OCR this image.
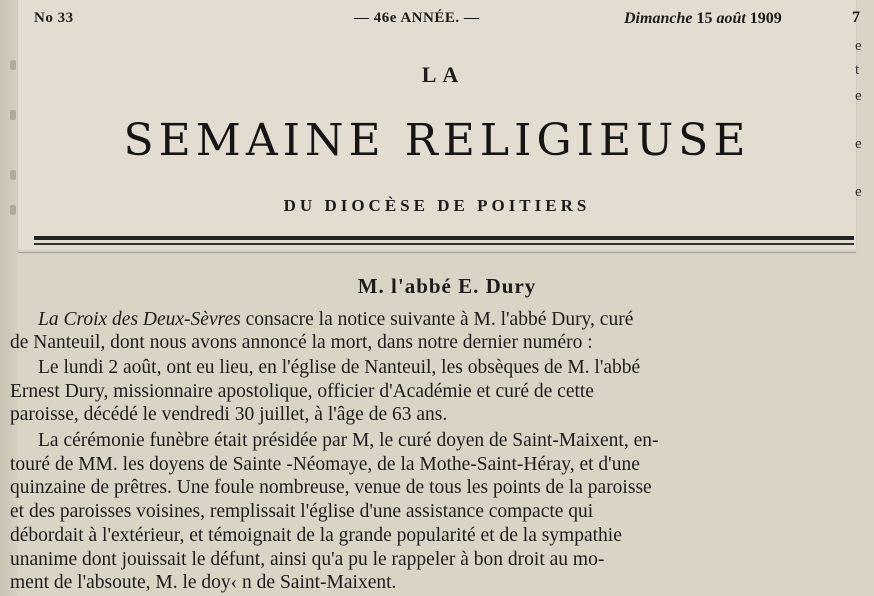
No 33	— 46e ANNÉE. —	Dimanche 15 août 1909	7
e
t
e
e
e
LA
SEMAINE RELIGIEUSE
DU DIOCÈSE DE POITIERS
M. l'abbé E. Dury
La Croix des Deux-Sèvres consacre la notice suivante à M. l'abbé Dury, curé
de Nanteuil, dont nous avons annoncé la mort, dans notre dernier numéro :
Le lundi 2 août, ont eu lieu, en l'église de Nanteuil, les obsèques de M. l'abbé
Ernest Dury, missionnaire apostolique, officier d'Académie et curé de cette
paroisse, décédé le vendredi 30 juillet, à l'âge de 63 ans.
La cérémonie funèbre était présidée par M, le curé doyen de Saint-Maixent, en-
touré de MM. les doyens de Sainte -Néomaye, de la Mothe-Saint-Héray, et d'une
quinzaine de prêtres. Une foule nombreuse, venue de tous les points de la paroisse
et des paroisses voisines, remplissait l'église d'une assistance compacte qui
débordait à l'extérieur, et témoignait de la grande popularité et de la sympathie
unanime dont jouissait le défunt, ainsi qu'a pu le rappeler à bon droit au mo-
ment de l'absoute, M. le doy‹ n de Saint-Maixent.
